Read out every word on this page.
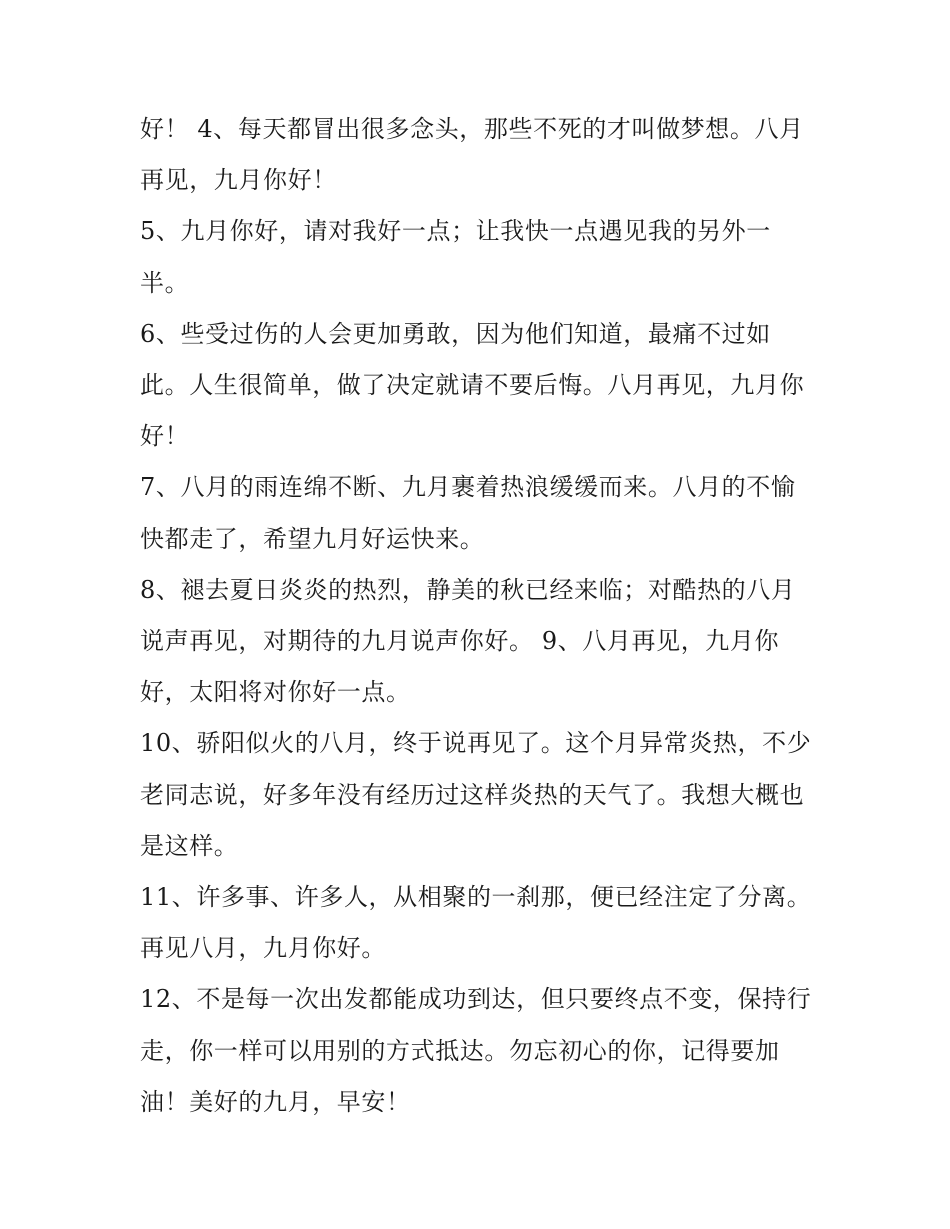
好！ 4、每天都冒出很多念头，那些不死的才叫做梦想。八月再见，九月你好！

5、九月你好，请对我好一点；让我快一点遇见我的另外一半。

6、些受过伤的人会更加勇敢，因为他们知道，最痛不过如此。人生很简单，做了决定就请不要后悔。八月再见，九月你好！

7、八月的雨连绵不断、九月裹着热浪缓缓而来。八月的不愉快都走了，希望九月好运快来。

8、褪去夏日炎炎的热烈，静美的秋已经来临；对酷热的八月说声再见，对期待的九月说声你好。 9、八月再见，九月你好，太阳将对你好一点。

10、骄阳似火的八月，终于说再见了。这个月异常炎热，不少老同志说，好多年没有经历过这样炎热的天气了。我想大概也是这样。

11、许多事、许多人，从相聚的一刹那，便已经注定了分离。再见八月，九月你好。

12、不是每一次出发都能成功到达，但只要终点不变，保持行走，你一样可以用别的方式抵达。勿忘初心的你，记得要加油！美好的九月，早安！
